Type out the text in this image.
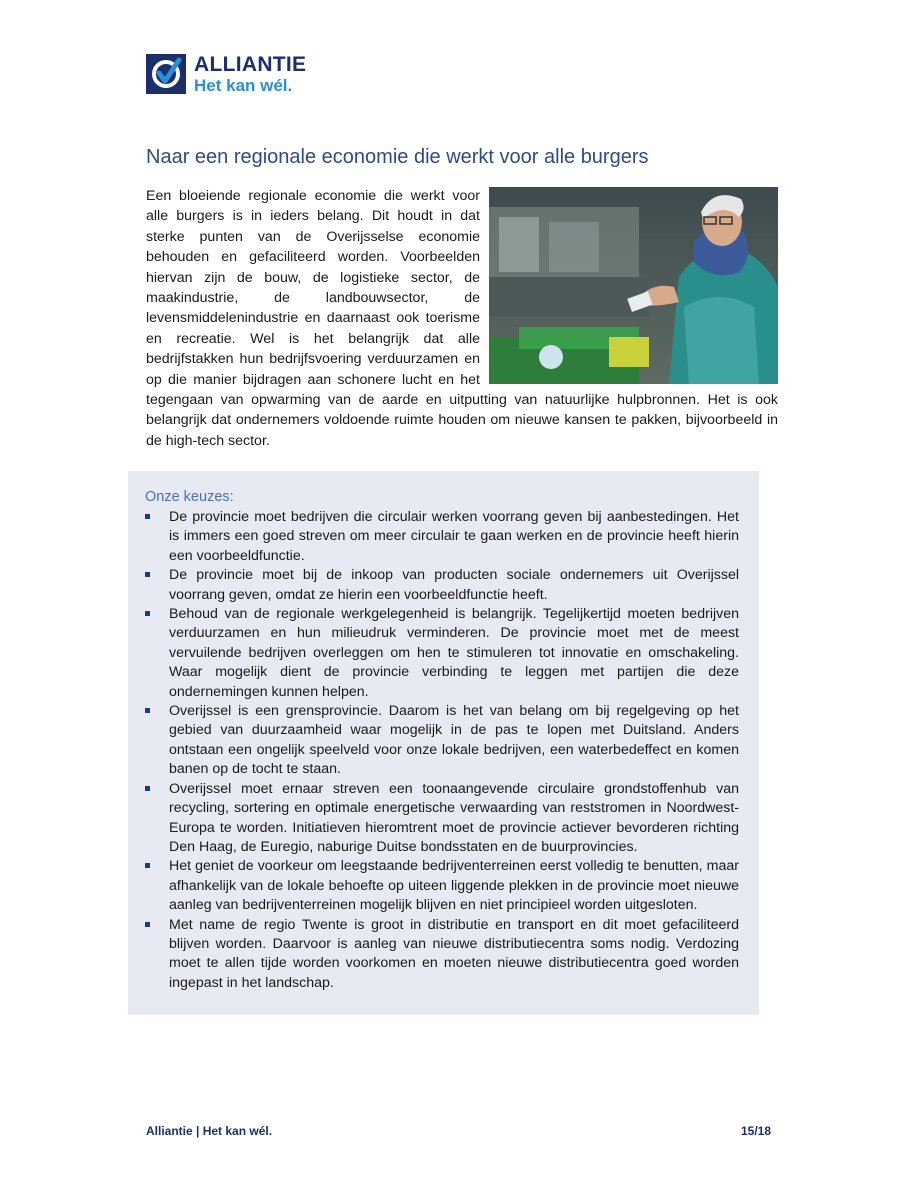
ALLIANTIE
Het kan wél.
Naar een regionale economie die werkt voor alle burgers

Een bloeiende regionale economie die werkt voor alle burgers is in ieders belang. Dit houdt in dat sterke punten van de Overijsselse economie behouden en gefaciliteerd worden. Voorbeelden hiervan zijn de bouw, de logistieke sector, de maakindustrie, de landbouwsector, de levensmiddelenindustrie en daarnaast ook toerisme en recreatie. Wel is het belangrijk dat alle bedrijfstakken hun bedrijfsvoering verduurzamen en op die manier bijdragen aan schonere lucht en het tegengaan van opwarming van de aarde en uitputting van natuurlijke hulpbronnen. Het is ook belangrijk dat ondernemers voldoende ruimte houden om nieuwe kansen te pakken, bijvoorbeeld in de high-tech sector.

Onze keuzes:
De provincie moet bedrijven die circulair werken voorrang geven bij aanbestedingen. Het is immers een goed streven om meer circulair te gaan werken en de provincie heeft hierin een voorbeeldfunctie.
De provincie moet bij de inkoop van producten sociale ondernemers uit Overijssel voorrang geven, omdat ze hierin een voorbeeldfunctie heeft.
Behoud van de regionale werkgelegenheid is belangrijk. Tegelijkertijd moeten bedrijven verduurzamen en hun milieudruk verminderen. De provincie moet met de meest vervuilende bedrijven overleggen om hen te stimuleren tot innovatie en omschakeling. Waar mogelijk dient de provincie verbinding te leggen met partijen die deze ondernemingen kunnen helpen.
Overijssel is een grensprovincie. Daarom is het van belang om bij regelgeving op het gebied van duurzaamheid waar mogelijk in de pas te lopen met Duitsland. Anders ontstaan een ongelijk speelveld voor onze lokale bedrijven, een waterbedeffect en komen banen op de tocht te staan.
Overijssel moet ernaar streven een toonaangevende circulaire grondstoffenhub van recycling, sortering en optimale energetische verwaarding van reststromen in Noordwest-Europa te worden. Initiatieven hieromtrent moet de provincie actiever bevorderen richting Den Haag, de Euregio, naburige Duitse bondsstaten en de buurprovincies.
Het geniet de voorkeur om leegstaande bedrijventerreinen eerst volledig te benutten, maar afhankelijk van de lokale behoefte op uiteen liggende plekken in de provincie moet nieuwe aanleg van bedrijventerreinen mogelijk blijven en niet principieel worden uitgesloten.
Met name de regio Twente is groot in distributie en transport en dit moet gefaciliteerd blijven worden. Daarvoor is aanleg van nieuwe distributiecentra soms nodig. Verdozing moet te allen tijde worden voorkomen en moeten nieuwe distributiecentra goed worden ingepast in het landschap.
Alliantie | Het kan wél.	15/18
